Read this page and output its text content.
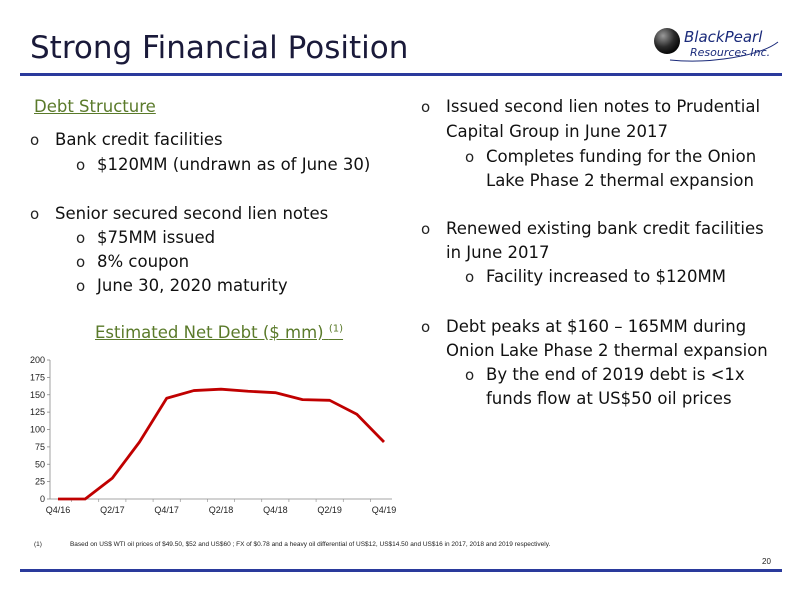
Strong Financial Position	BlackPearl
Resources Inc.
Debt Structure
o Bank credit facilities
o $120MM (undrawn as of June 30)
o Senior secured second lien notes
o $75MM issued
o 8% coupon
o June 30, 2020 maturity
Estimated Net Debt ($ mm) $^{(1)}$
0
25
50
75
100
125
150
175
200
Q4/16	Q2/17	Q4/17	Q2/18	Q4/18	Q2/19	Q4/19
o Issued second lien notes to Prudential
Capital Group in June 2017
o Completes funding for the Onion
Lake Phase 2 thermal expansion
o Renewed existing bank credit facilities
in June 2017
o Facility increased to $120MM
o Debt peaks at $160 – 165MM during
Onion Lake Phase 2 thermal expansion
o By the end of 2019 debt is <1x
funds flow at US$50 oil prices
(1)	Based on US$ WTI oil prices of $49.50, $52 and US$60 ; FX of $0.78 and a heavy oil differential of US$12, US$14.50 and US$16 in 2017, 2018 and 2019 respectively.
20
